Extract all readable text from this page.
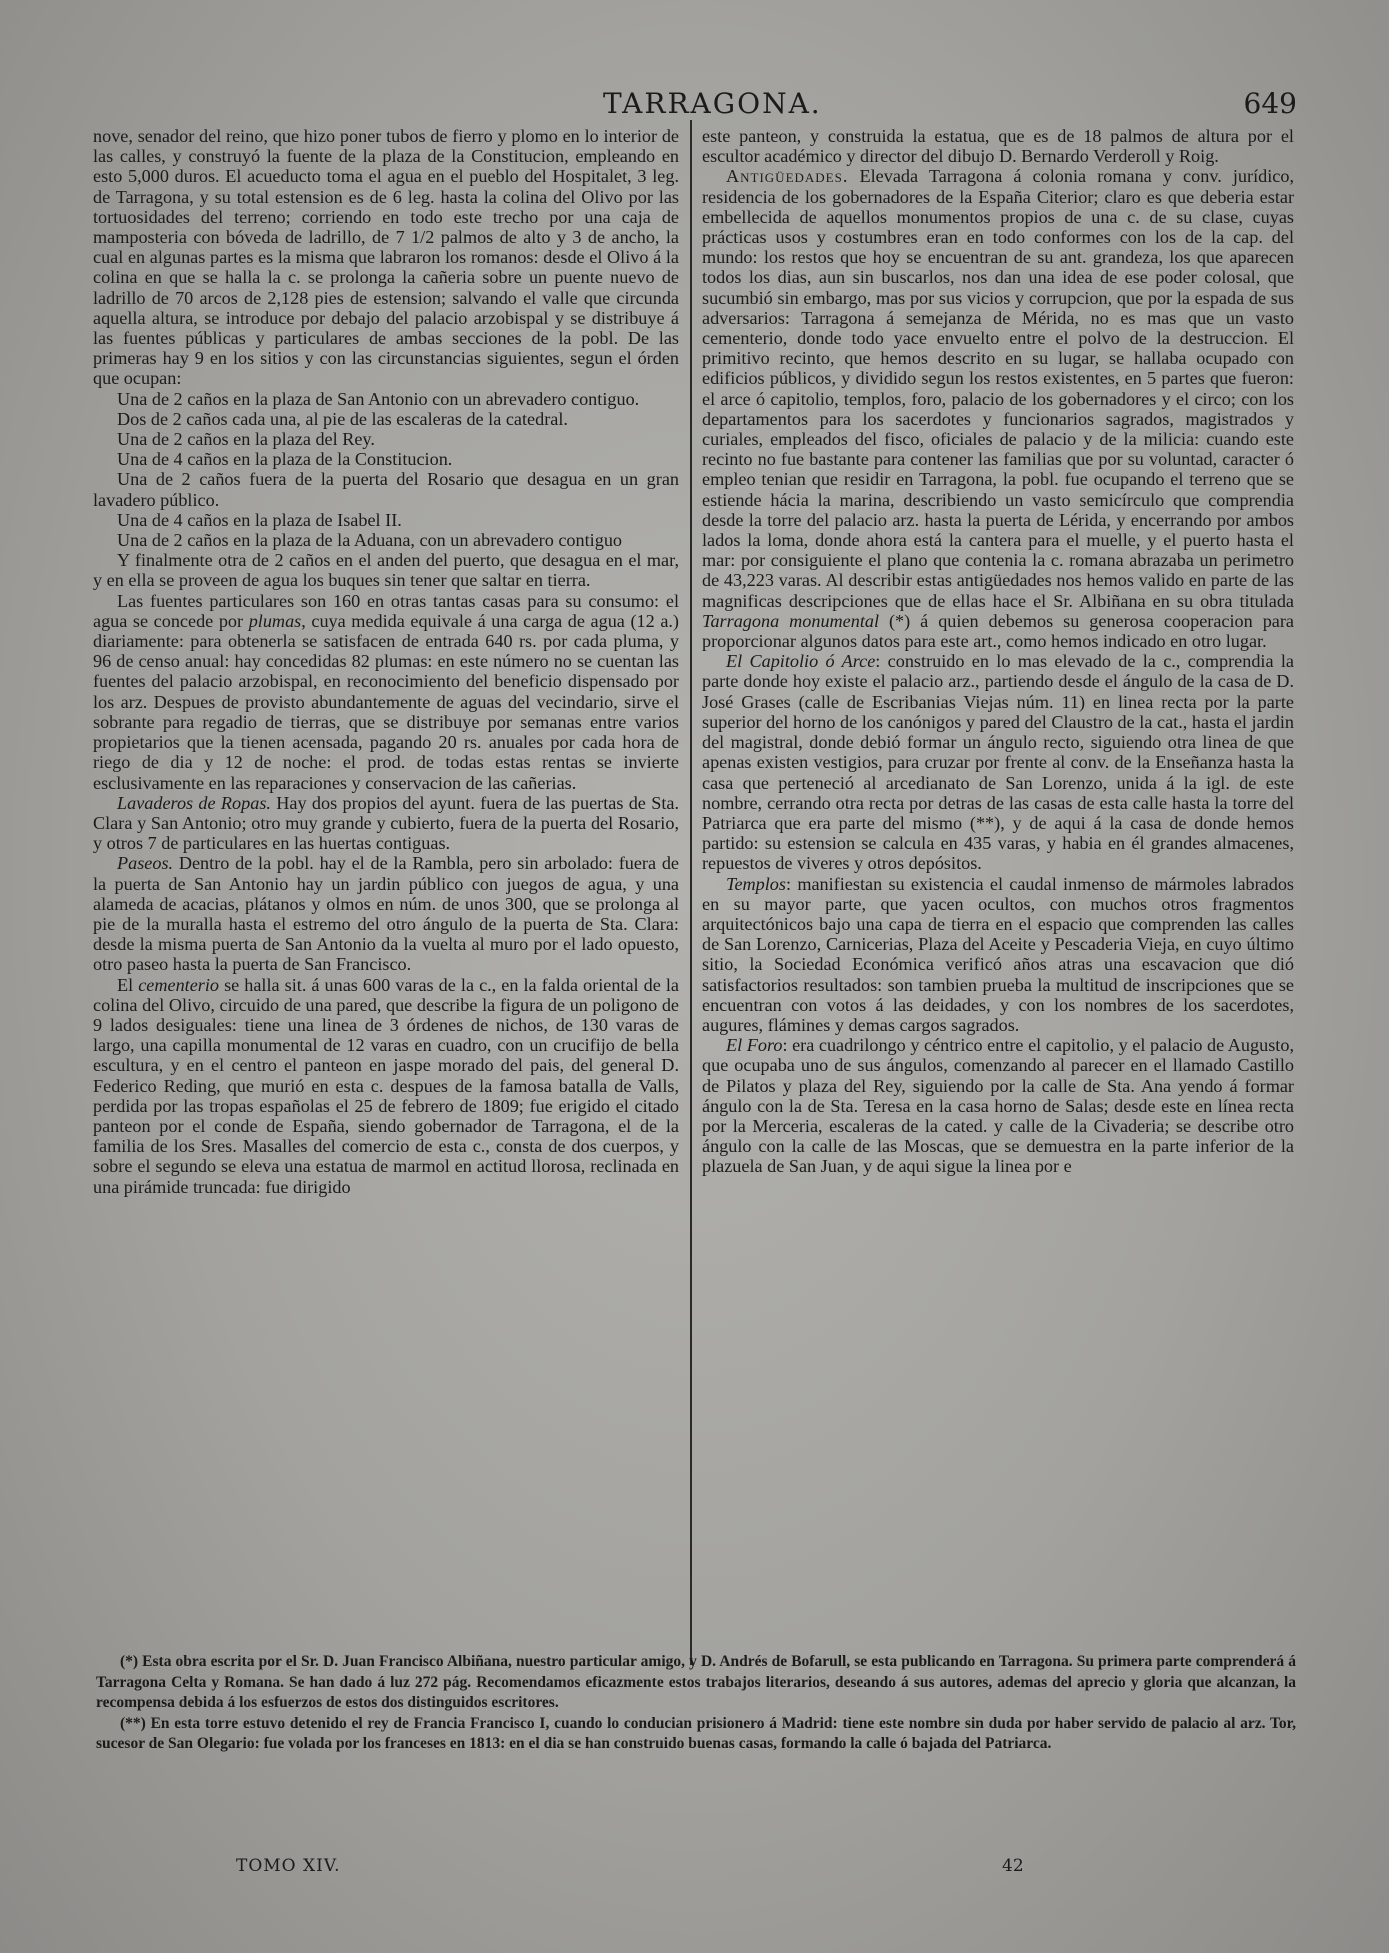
TARRAGONA.	649

nove, senador del reino, que hizo poner tubos de fierro y plomo en lo interior de las calles, y construyó la fuente de la plaza de la Constitucion, empleando en esto 5,000 duros. El acueducto toma el agua en el pueblo del Hospitalet, 3 leg. de Tarragona, y su total estension es de 6 leg. hasta la colina del Olivo por las tortuosidades del terreno; corriendo en todo este trecho por una caja de mamposteria con bóveda de ladrillo, de 7 1/2 palmos de alto y 3 de ancho, la cual en algunas partes es la misma que labraron los romanos: desde el Olivo á la colina en que se halla la c. se prolonga la cañeria sobre un puente nuevo de ladrillo de 70 arcos de 2,128 pies de estension; salvando el valle que circunda aquella altura, se introduce por debajo del palacio arzobispal y se distribuye á las fuentes públicas y particulares de ambas secciones de la pobl. De las primeras hay 9 en los sitios y con las circunstancias siguientes, segun el órden que ocupan:

Una de 2 caños en la plaza de San Antonio con un abrevadero contiguo.

Dos de 2 caños cada una, al pie de las escaleras de la catedral.

Una de 2 caños en la plaza del Rey.

Una de 4 caños en la plaza de la Constitucion.

Una de 2 caños fuera de la puerta del Rosario que desagua en un gran lavadero público.

Una de 4 caños en la plaza de Isabel II.

Una de 2 caños en la plaza de la Aduana, con un abrevadero contiguo

Y finalmente otra de 2 caños en el anden del puerto, que desagua en el mar, y en ella se proveen de agua los buques sin tener que saltar en tierra.

Las fuentes particulares son 160 en otras tantas casas para su consumo: el agua se concede por plumas, cuya medida equivale á una carga de agua (12 a.) diariamente: para obtenerla se satisfacen de entrada 640 rs. por cada pluma, y 96 de censo anual: hay concedidas 82 plumas: en este número no se cuentan las fuentes del palacio arzobispal, en reconocimiento del beneficio dispensado por los arz. Despues de provisto abundantemente de aguas del vecindario, sirve el sobrante para regadio de tierras, que se distribuye por semanas entre varios propietarios que la tienen acensada, pagando 20 rs. anuales por cada hora de riego de dia y 12 de noche: el prod. de todas estas rentas se invierte esclusivamente en las reparaciones y conservacion de las cañerias.

Lavaderos de Ropas. Hay dos propios del ayunt. fuera de las puertas de Sta. Clara y San Antonio; otro muy grande y cubierto, fuera de la puerta del Rosario, y otros 7 de particulares en las huertas contiguas.

Paseos. Dentro de la pobl. hay el de la Rambla, pero sin arbolado: fuera de la puerta de San Antonio hay un jardin público con juegos de agua, y una alameda de acacias, plátanos y olmos en núm. de unos 300, que se prolonga al pie de la muralla hasta el estremo del otro ángulo de la puerta de Sta. Clara: desde la misma puerta de San Antonio da la vuelta al muro por el lado opuesto, otro paseo hasta la puerta de San Francisco.

El cementerio se halla sit. á unas 600 varas de la c., en la falda oriental de la colina del Olivo, circuido de una pared, que describe la figura de un poligono de 9 lados desiguales: tiene una linea de 3 órdenes de nichos, de 130 varas de largo, una capilla monumental de 12 varas en cuadro, con un crucifijo de bella escultura, y en el centro el panteon en jaspe morado del pais, del general D. Federico Reding, que murió en esta c. despues de la famosa batalla de Valls, perdida por las tropas españolas el 25 de febrero de 1809; fue erigido el citado panteon por el conde de España, siendo gobernador de Tarragona, el de la familia de los Sres. Masalles del comercio de esta c., consta de dos cuerpos, y sobre el segundo se eleva una estatua de marmol en actitud llorosa, reclinada en una pirámide truncada: fue dirigido

este panteon, y construida la estatua, que es de 18 palmos de altura por el escultor académico y director del dibujo D. Bernardo Verderoll y Roig.

Antigüedades. Elevada Tarragona á colonia romana y conv. jurídico, residencia de los gobernadores de la España Citerior; claro es que deberia estar embellecida de aquellos monumentos propios de una c. de su clase, cuyas prácticas usos y costumbres eran en todo conformes con los de la cap. del mundo: los restos que hoy se encuentran de su ant. grandeza, los que aparecen todos los dias, aun sin buscarlos, nos dan una idea de ese poder colosal, que sucumbió sin embargo, mas por sus vicios y corrupcion, que por la espada de sus adversarios: Tarragona á semejanza de Mérida, no es mas que un vasto cementerio, donde todo yace envuelto entre el polvo de la destruccion. El primitivo recinto, que hemos descrito en su lugar, se hallaba ocupado con edificios públicos, y dividido segun los restos existentes, en 5 partes que fueron: el arce ó capitolio, templos, foro, palacio de los gobernadores y el circo; con los departamentos para los sacerdotes y funcionarios sagrados, magistrados y curiales, empleados del fisco, oficiales de palacio y de la milicia: cuando este recinto no fue bastante para contener las familias que por su voluntad, caracter ó empleo tenian que residir en Tarragona, la pobl. fue ocupando el terreno que se estiende hácia la marina, describiendo un vasto semicírculo que comprendia desde la torre del palacio arz. hasta la puerta de Lérida, y encerrando por ambos lados la loma, donde ahora está la cantera para el muelle, y el puerto hasta el mar: por consiguiente el plano que contenia la c. romana abrazaba un perimetro de 43,223 varas. Al describir estas antigüedades nos hemos valido en parte de las magnificas descripciones que de ellas hace el Sr. Albiñana en su obra titulada Tarragona monumental (*) á quien debemos su generosa cooperacion para proporcionar algunos datos para este art., como hemos indicado en otro lugar.

El Capitolio ó Arce: construido en lo mas elevado de la c., comprendia la parte donde hoy existe el palacio arz., partiendo desde el ángulo de la casa de D. José Grases (calle de Escribanias Viejas núm. 11) en linea recta por la parte superior del horno de los canónigos y pared del Claustro de la cat., hasta el jardin del magistral, donde debió formar un ángulo recto, siguiendo otra linea de que apenas existen vestigios, para cruzar por frente al conv. de la Enseñanza hasta la casa que perteneció al arcedianato de San Lorenzo, unida á la igl. de este nombre, cerrando otra recta por detras de las casas de esta calle hasta la torre del Patriarca que era parte del mismo (**), y de aqui á la casa de donde hemos partido: su estension se calcula en 435 varas, y habia en él grandes almacenes, repuestos de viveres y otros depósitos.

Templos: manifiestan su existencia el caudal inmenso de mármoles labrados en su mayor parte, que yacen ocultos, con muchos otros fragmentos arquitectónicos bajo una capa de tierra en el espacio que comprenden las calles de San Lorenzo, Carnicerias, Plaza del Aceite y Pescaderia Vieja, en cuyo último sitio, la Sociedad Económica verificó años atras una escavacion que dió satisfactorios resultados: son tambien prueba la multitud de inscripciones que se encuentran con votos á las deidades, y con los nombres de los sacerdotes, augures, flámines y demas cargos sagrados.

El Foro: era cuadrilongo y céntrico entre el capitolio, y el palacio de Augusto, que ocupaba uno de sus ángulos, comenzando al parecer en el llamado Castillo de Pilatos y plaza del Rey, siguiendo por la calle de Sta. Ana yendo á formar ángulo con la de Sta. Teresa en la casa horno de Salas; desde este en línea recta por la Merceria, escaleras de la cated. y calle de la Civaderia; se describe otro ángulo con la calle de las Moscas, que se demuestra en la parte inferior de la plazuela de San Juan, y de aqui sigue la linea por e

(*) Esta obra escrita por el Sr. D. Juan Francisco Albiñana, nuestro particular amigo, y D. Andrés de Bofarull, se esta publicando en Tarragona. Su primera parte comprenderá á Tarragona Celta y Romana. Se han dado á luz 272 pág. Recomendamos eficazmente estos trabajos literarios, deseando á sus autores, ademas del aprecio y gloria que alcanzan, la recompensa debida á los esfuerzos de estos dos distinguidos escritores.

(**) En esta torre estuvo detenido el rey de Francia Francisco I, cuando lo conducian prisionero á Madrid: tiene este nombre sin duda por haber servido de palacio al arz. Tor, sucesor de San Olegario: fue volada por los franceses en 1813: en el dia se han construido buenas casas, formando la calle ó bajada del Patriarca.

TOMO XIV.	42
